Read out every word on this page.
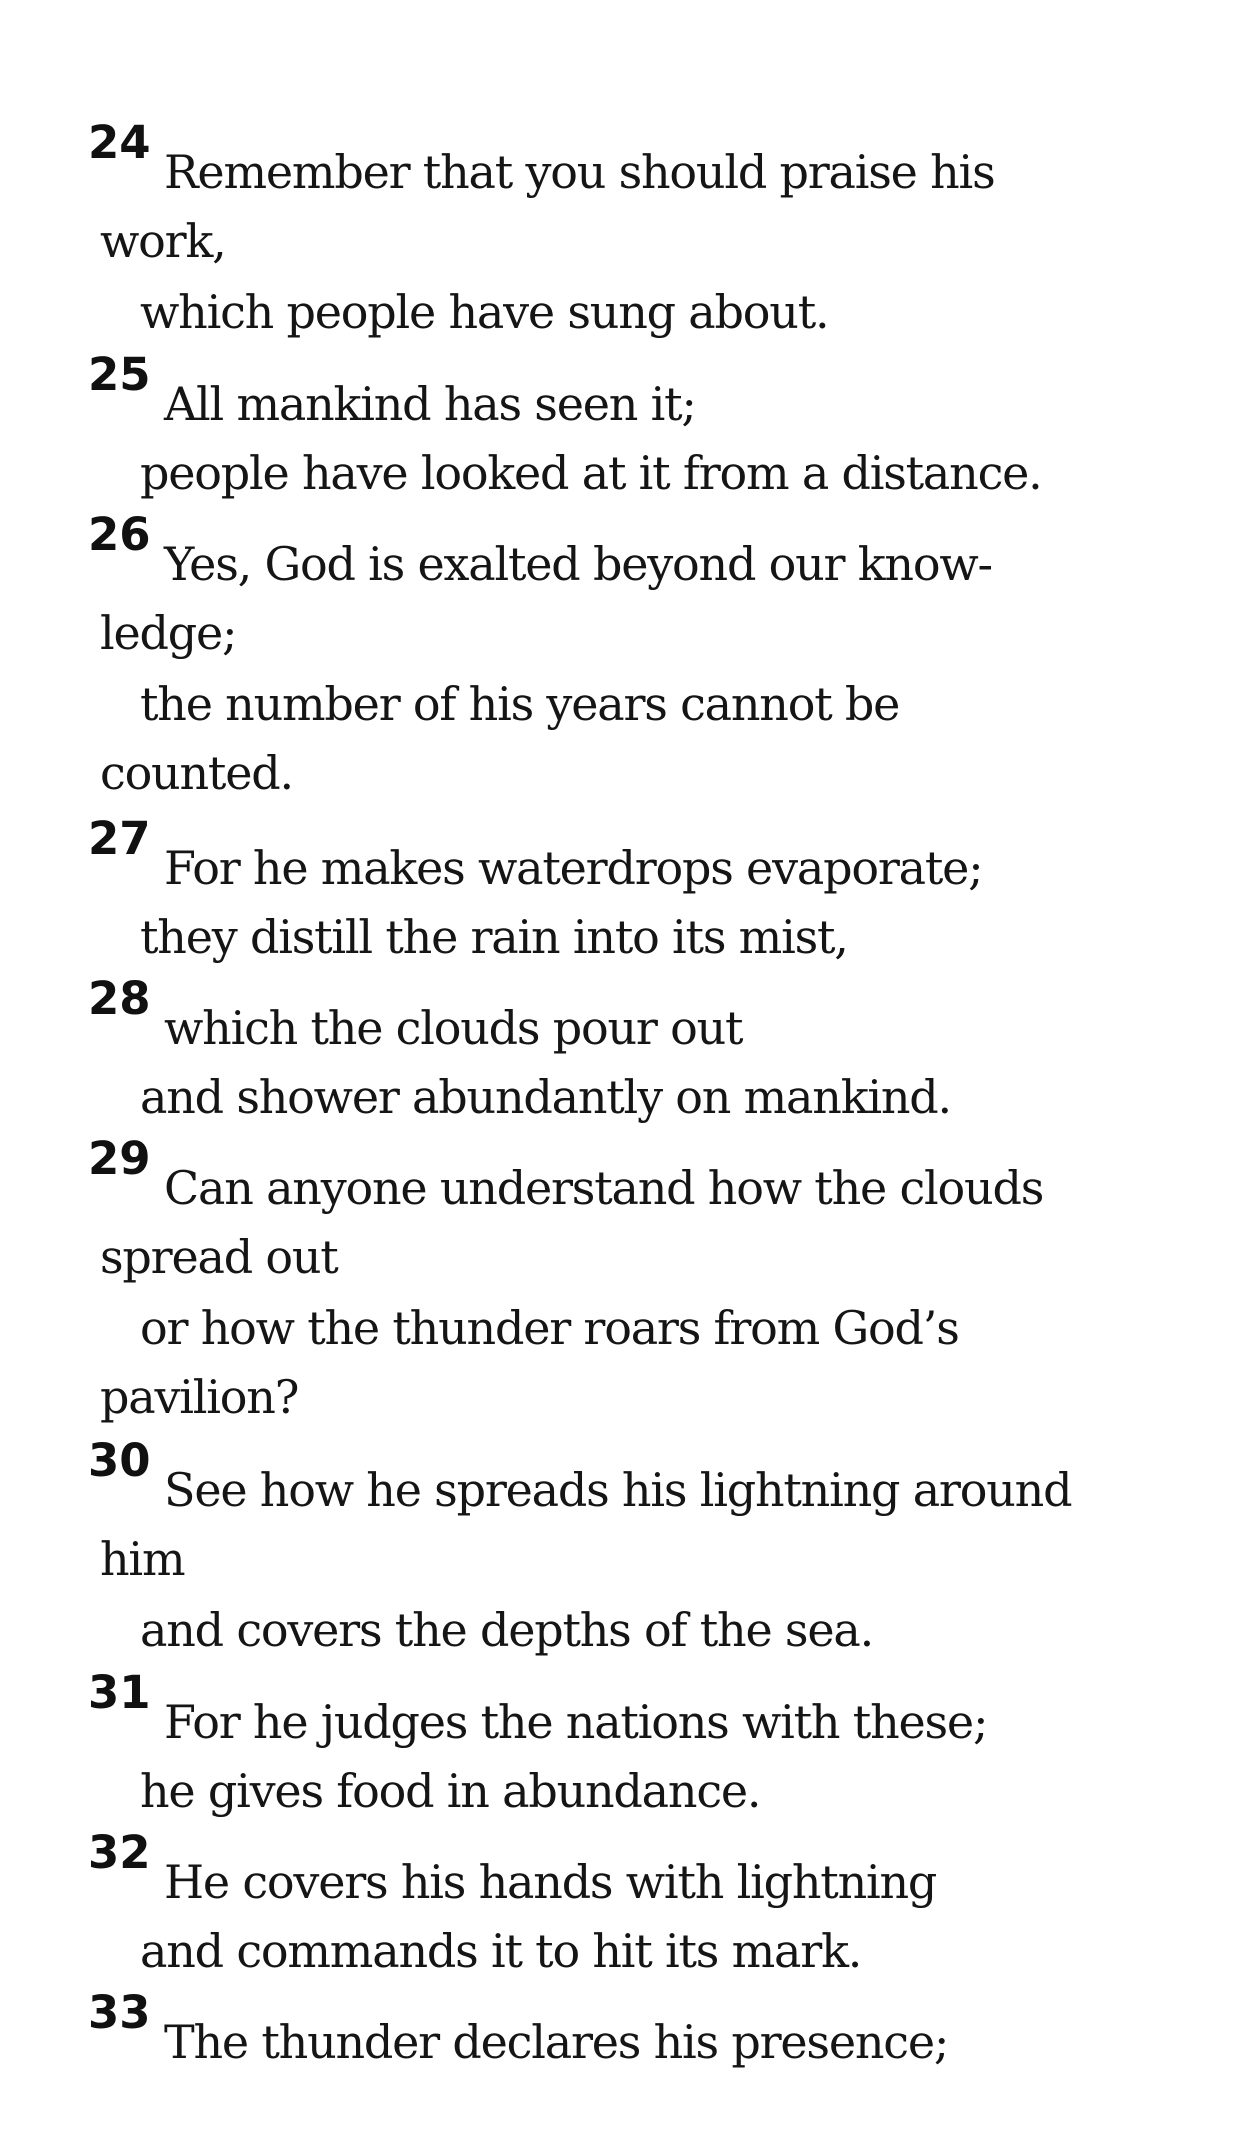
24
Remember that you should praise his
work,
which people have sung about.
25
All mankind has seen it;
people have looked at it from a distance.
26
Yes, God is exalted beyond our know-
ledge;
the number of his years cannot be
counted.
27
For he makes waterdrops evaporate;
they distill the rain into its mist,
28
which the clouds pour out
and shower abundantly on mankind.
29
Can anyone understand how the clouds
spread out
or how the thunder roars from God’s
pavilion?
30
See how he spreads his lightning around
him
and covers the depths of the sea.
31
For he judges the nations with these;
he gives food in abundance.
32
He covers his hands with lightning
and commands it to hit its mark.
33
The thunder declares his presence;
